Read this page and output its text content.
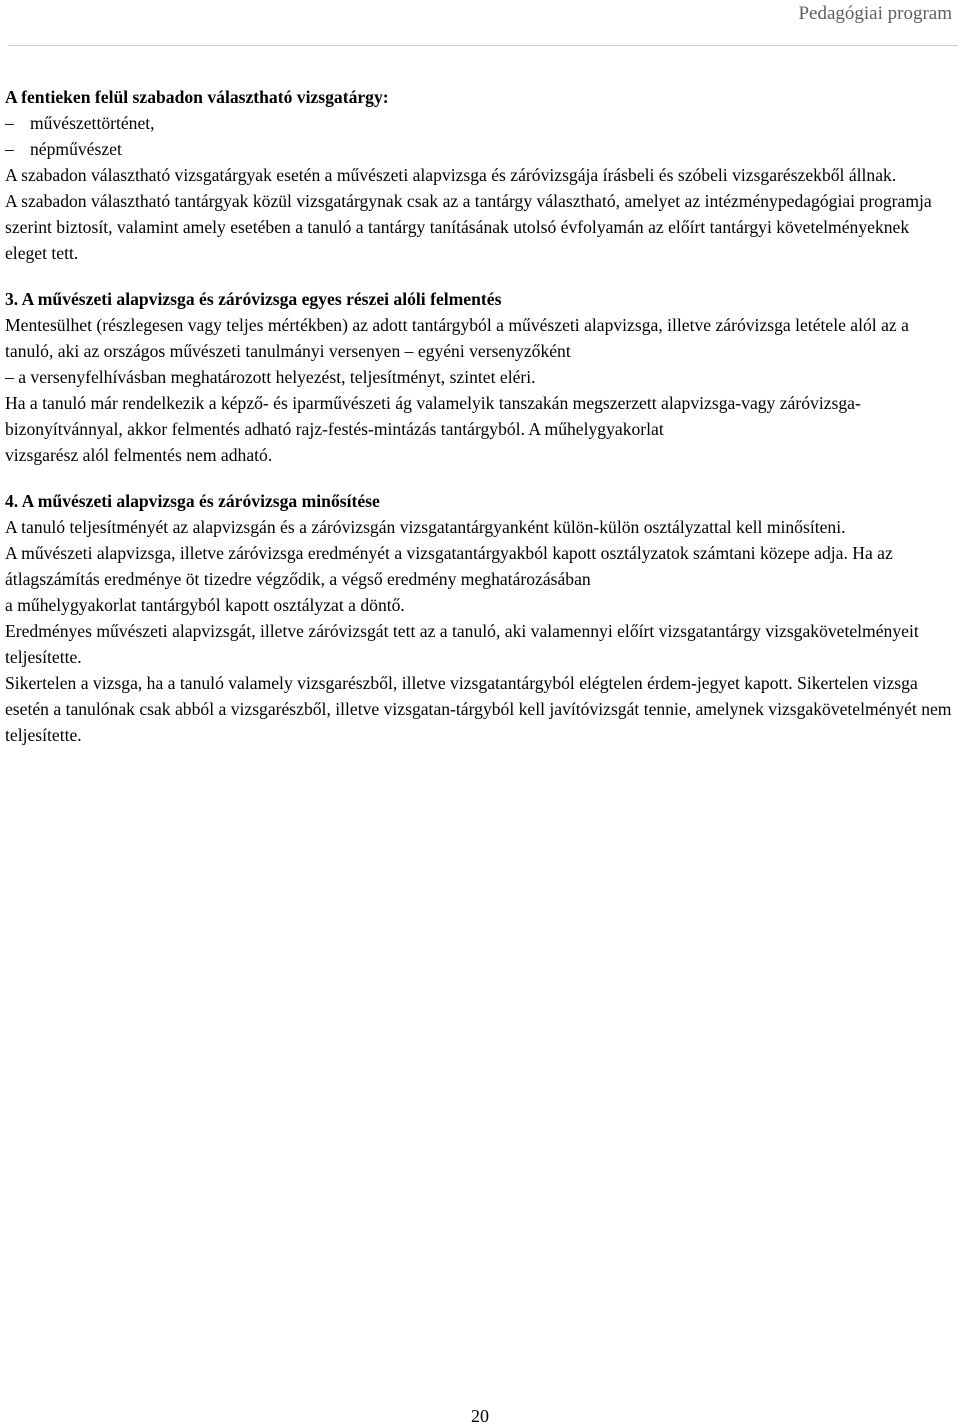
Pedagógiai program

A fentieken felül szabadon választható vizsgatárgy:

– művészettörténet,

– népművészet

A szabadon választható vizsgatárgyak esetén a művészeti alapvizsga és záróvizsgája írásbeli és szóbeli vizsgarészekből állnak.

A szabadon választható tantárgyak közül vizsgatárgynak csak az a tantárgy választható, amelyet az intézménypedagógiai programja szerint biztosít, valamint amely esetében a tanuló a tantárgy tanításának utolsó évfolyamán az előírt tantárgyi követelményeknek eleget tett.

3. A művészeti alapvizsga és záróvizsga egyes részei alóli felmentés

Mentesülhet (részlegesen vagy teljes mértékben) az adott tantárgyból a művészeti alapvizsga, illetve záróvizsga letétele alól az a tanuló, aki az országos művészeti tanulmányi versenyen – egyéni versenyzőként

– a versenyfelhívásban meghatározott helyezést, teljesítményt, szintet eléri.

Ha a tanuló már rendelkezik a képző- és iparművészeti ág valamelyik tanszakán megszerzett alapvizsga-vagy záróvizsga-bizonyítvánnyal, akkor felmentés adható rajz-festés-mintázás tantárgyból. A műhelygyakorlat

vizsgarész alól felmentés nem adható.

4. A művészeti alapvizsga és záróvizsga minősítése

A tanuló teljesítményét az alapvizsgán és a záróvizsgán vizsgatantárgyanként külön-külön osztályzattal kell minősíteni.

A művészeti alapvizsga, illetve záróvizsga eredményét a vizsgatantárgyakból kapott osztályzatok számtani közepe adja. Ha az átlagszámítás eredménye öt tizedre végződik, a végső eredmény meghatározásában

a műhelygyakorlat tantárgyból kapott osztályzat a döntő.

Eredményes művészeti alapvizsgát, illetve záróvizsgát tett az a tanuló, aki valamennyi előírt vizsgatantárgy vizsgakövetelményeit teljesítette.

Sikertelen a vizsga, ha a tanuló valamely vizsgarészből, illetve vizsgatantárgyból elégtelen érdem-jegyet kapott. Sikertelen vizsga esetén a tanulónak csak abból a vizsgarészből, illetve vizsgatan-tárgyból kell javítóvizsgát tennie, amelynek vizsgakövetelményét nem teljesítette.

20
